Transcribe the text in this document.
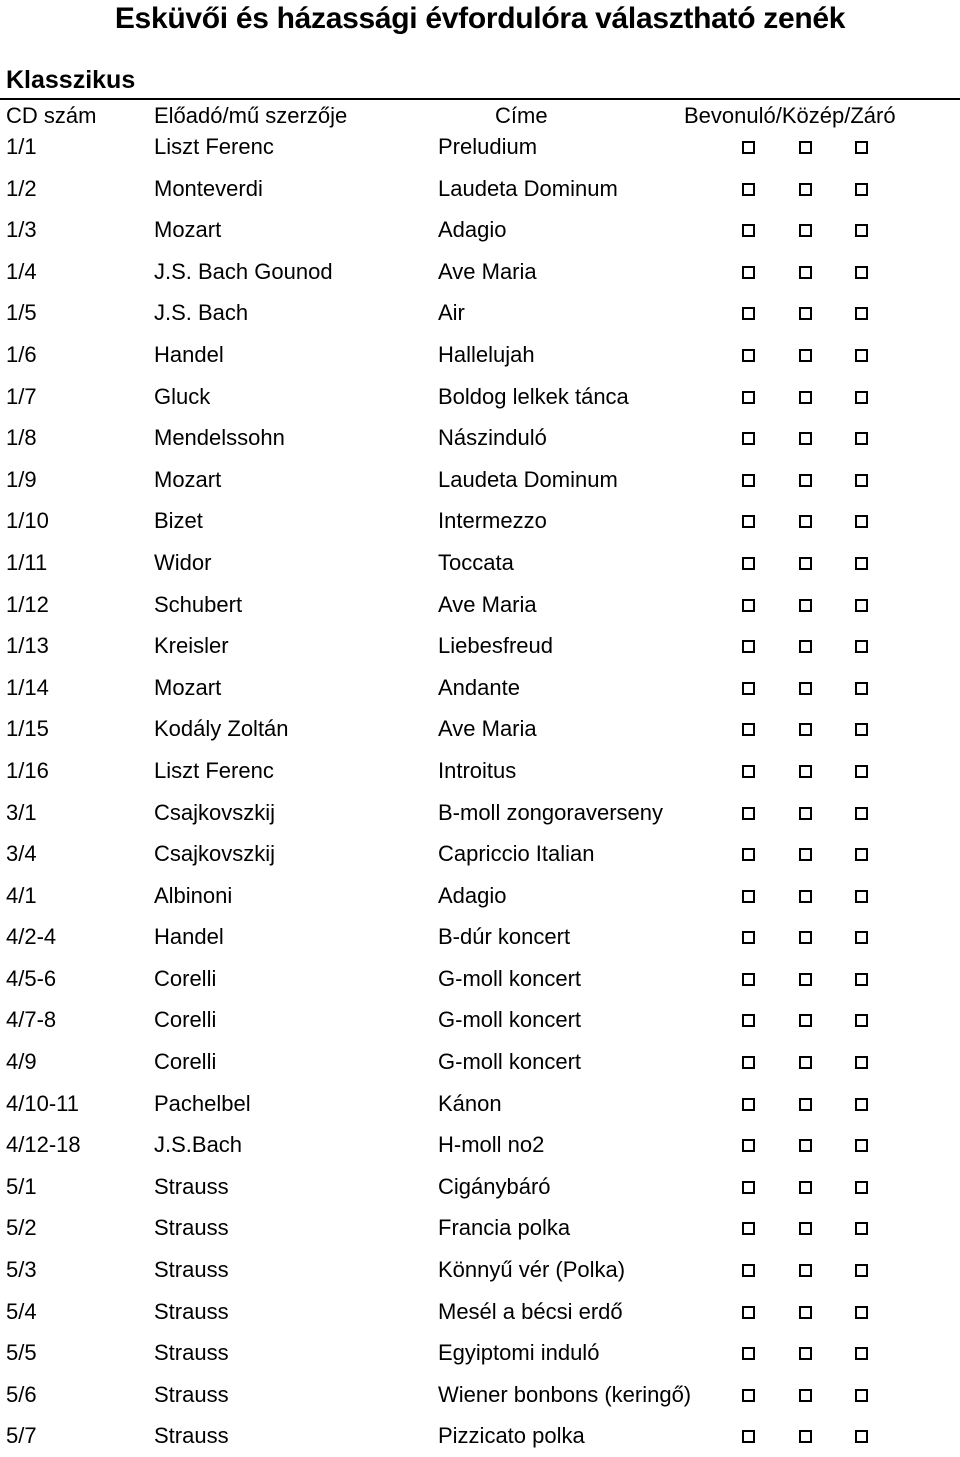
Esküvői és házassági évfordulóra választható zenék
Klasszikus
CD szám	Előadó/mű szerzője	Címe	Bevonuló/Közép/Záró
1/1	Liszt Ferenc	Preludium
1/2	Monteverdi	Laudeta Dominum
1/3	Mozart	Adagio
1/4	J.S. Bach Gounod	Ave Maria
1/5	J.S. Bach	Air
1/6	Handel	Hallelujah
1/7	Gluck	Boldog lelkek tánca
1/8	Mendelssohn	Nászinduló
1/9	Mozart	Laudeta Dominum
1/10	Bizet	Intermezzo
1/11	Widor	Toccata
1/12	Schubert	Ave Maria
1/13	Kreisler	Liebesfreud
1/14	Mozart	Andante
1/15	Kodály Zoltán	Ave Maria
1/16	Liszt Ferenc	Introitus
3/1	Csajkovszkij	B-moll zongoraverseny
3/4	Csajkovszkij	Capriccio Italian
4/1	Albinoni	Adagio
4/2-4	Handel	B-dúr koncert
4/5-6	Corelli	G-moll koncert
4/7-8	Corelli	G-moll koncert
4/9	Corelli	G-moll koncert
4/10-11	Pachelbel	Kánon
4/12-18	J.S.Bach	H-moll no2
5/1	Strauss	Cigánybáró
5/2	Strauss	Francia polka
5/3	Strauss	Könnyű vér (Polka)
5/4	Strauss	Mesél a bécsi erdő
5/5	Strauss	Egyiptomi induló
5/6	Strauss	Wiener bonbons (keringő)
5/7	Strauss	Pizzicato polka
